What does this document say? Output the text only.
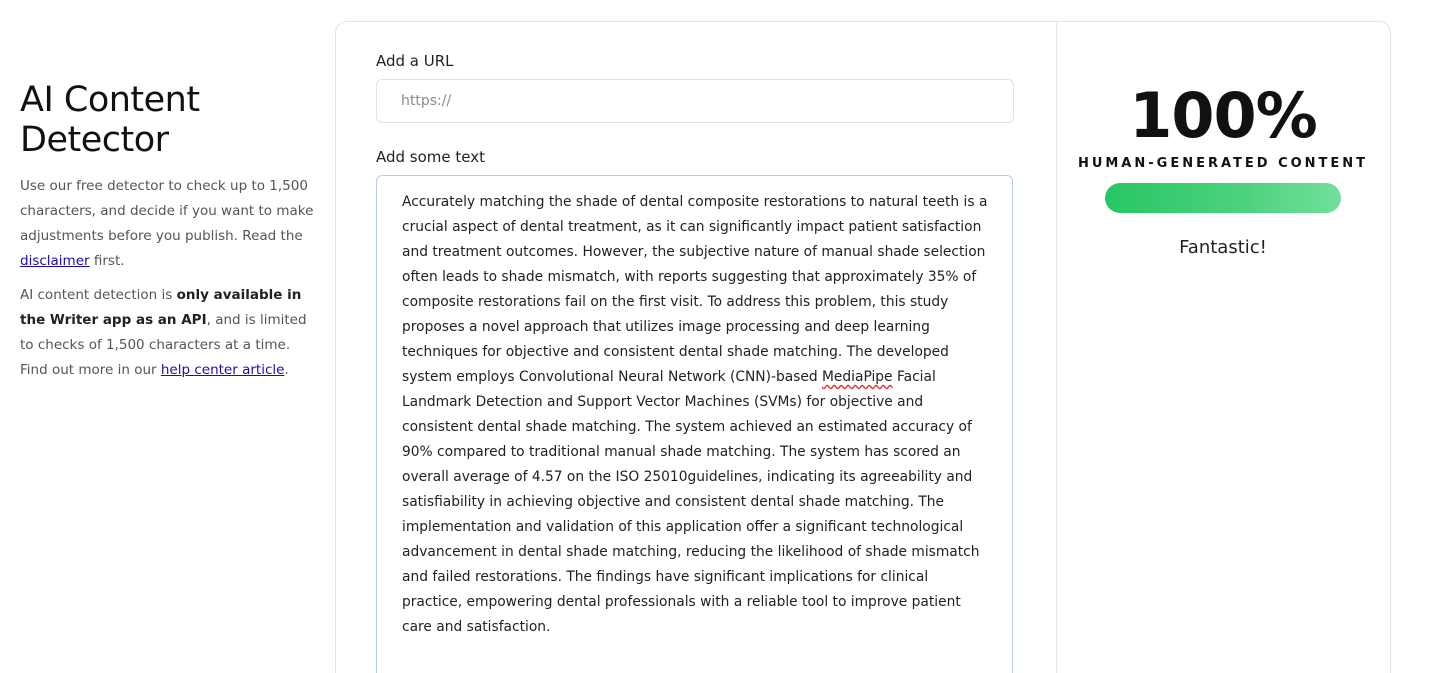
AI Content Detector

Use our free detector to check up to 1,500 characters, and decide if you want to make adjustments before you publish. Read the disclaimer first.

AI content detection is only available in the Writer app as an API, and is limited to checks of 1,500 characters at a time. Find out more in our help center article.

Add a URL
https://
Add some text
Accurately matching the shade of dental composite restorations to natural teeth is a crucial aspect of dental treatment, as it can significantly impact patient satisfaction and treatment outcomes. However, the subjective nature of manual shade selection often leads to shade mismatch, with reports suggesting that approximately 35% of composite restorations fail on the first visit. To address this problem, this study proposes a novel approach that utilizes image processing and deep learning techniques for objective and consistent dental shade matching. The developed system employs Convolutional Neural Network (CNN)-based MediaPipe Facial Landmark Detection and Support Vector Machines (SVMs) for objective and consistent dental shade matching. The system achieved an estimated accuracy of 90% compared to traditional manual shade matching. The system has scored an overall average of 4.57 on the ISO 25010guidelines, indicating its agreeability and satisfiability in achieving objective and consistent dental shade matching. The implementation and validation of this application offer a significant technological advancement in dental shade matching, reducing the likelihood of shade mismatch and failed restorations. The findings have significant implications for clinical practice, empowering dental professionals with a reliable tool to improve patient care and satisfaction.
100%
HUMAN-GENERATED CONTENT
Fantastic!
